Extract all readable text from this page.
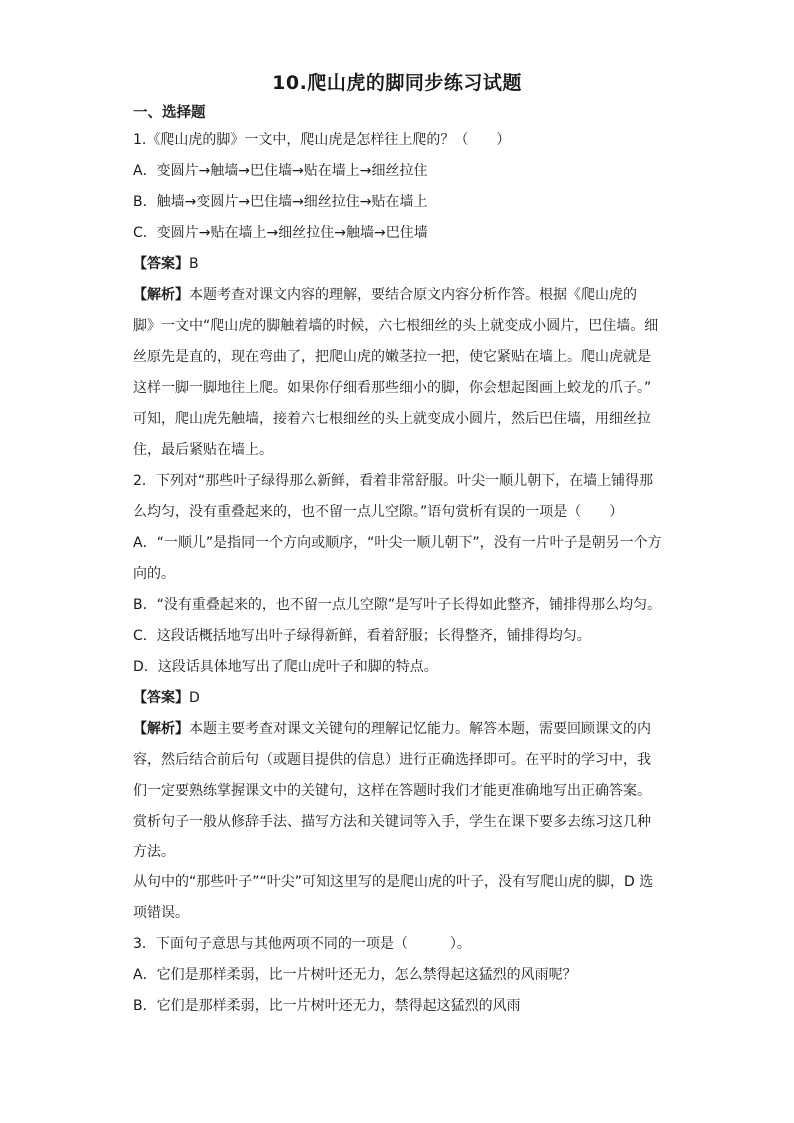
10.爬山虎的脚同步练习试题
一、选择题
1.《爬山虎的脚》一文中，爬山虎是怎样往上爬的？（　　）
A．变圆片→触墙→巴住墙→贴在墙上→细丝拉住
B．触墙→变圆片→巴住墙→细丝拉住→贴在墙上
C．变圆片→贴在墙上→细丝拉住→触墙→巴住墙
【答案】B
【解析】本题考查对课文内容的理解，要结合原文内容分析作答。根据《爬山虎的
脚》一文中“爬山虎的脚触着墙的时候，六七根细丝的头上就变成小圆片，巴住墙。细
丝原先是直的，现在弯曲了，把爬山虎的嫩茎拉一把，使它紧贴在墙上。爬山虎就是
这样一脚一脚地往上爬。如果你仔细看那些细小的脚，你会想起图画上蛟龙的爪子。”
可知，爬山虎先触墙，接着六七根细丝的头上就变成小圆片，然后巴住墙，用细丝拉
住，最后紧贴在墙上。
2．下列对“那些叶子绿得那么新鲜，看着非常舒服。叶尖一顺儿朝下，在墙上铺得那
么均匀，没有重叠起来的，也不留一点儿空隙。”语句赏析有误的一项是（　　）
A．“一顺儿”是指同一个方向或顺序，“叶尖一顺儿朝下”，没有一片叶子是朝另一个方
向的。
B．“没有重叠起来的，也不留一点儿空隙”是写叶子长得如此整齐，铺排得那么均匀。
C．这段话概括地写出叶子绿得新鲜，看着舒服；长得整齐，铺排得均匀。
D．这段话具体地写出了爬山虎叶子和脚的特点。
【答案】D
【解析】本题主要考查对课文关键句的理解记忆能力。解答本题，需要回顾课文的内
容，然后结合前后句（或题目提供的信息）进行正确选择即可。在平时的学习中，我
们一定要熟练掌握课文中的关键句，这样在答题时我们才能更准确地写出正确答案。
赏析句子一般从修辞手法、描写方法和关键词等入手，学生在课下要多去练习这几种
方法。
从句中的“那些叶子”“叶尖”可知这里写的是爬山虎的叶子，没有写爬山虎的脚，D 选
项错误。
3．下面句子意思与其他两项不同的一项是（　　　）。
A．它们是那样柔弱，比一片树叶还无力，怎么禁得起这猛烈的风雨呢？
B．它们是那样柔弱，比一片树叶还无力，禁得起这猛烈的风雨
